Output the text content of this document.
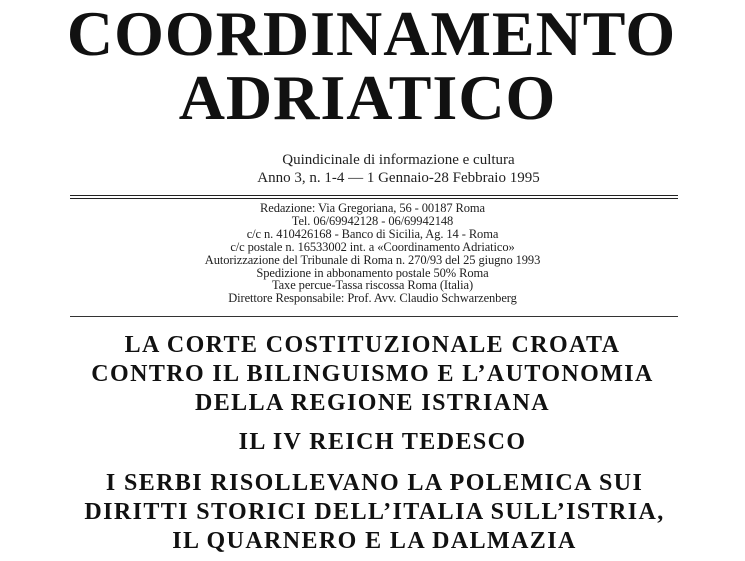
COORDINAMENTO
ADRIATICO
Quindicinale di informazione e cultura
Anno 3, n. 1-4 — 1 Gennaio-28 Febbraio 1995
Redazione: Via Gregoriana, 56 - 00187 Roma
Tel. 06/69942128 - 06/69942148
c/c n. 410426168 - Banco di Sicilia, Ag. 14 - Roma
c/c postale n. 16533002 int. a «Coordinamento Adriatico»
Autorizzazione del Tribunale di Roma n. 270/93 del 25 giugno 1993
Spedizione in abbonamento postale 50% Roma
Taxe percue-Tassa riscossa Roma (Italia)
Direttore Responsabile: Prof. Avv. Claudio Schwarzenberg
LA CORTE COSTITUZIONALE CROATA
CONTRO IL BILINGUISMO E L’AUTONOMIA
DELLA REGIONE ISTRIANA
IL IV REICH TEDESCO
I SERBI RISOLLEVANO LA POLEMICA SUI
DIRITTI STORICI DELL’ITALIA SULL’ISTRIA,
IL QUARNERO E LA DALMAZIA
